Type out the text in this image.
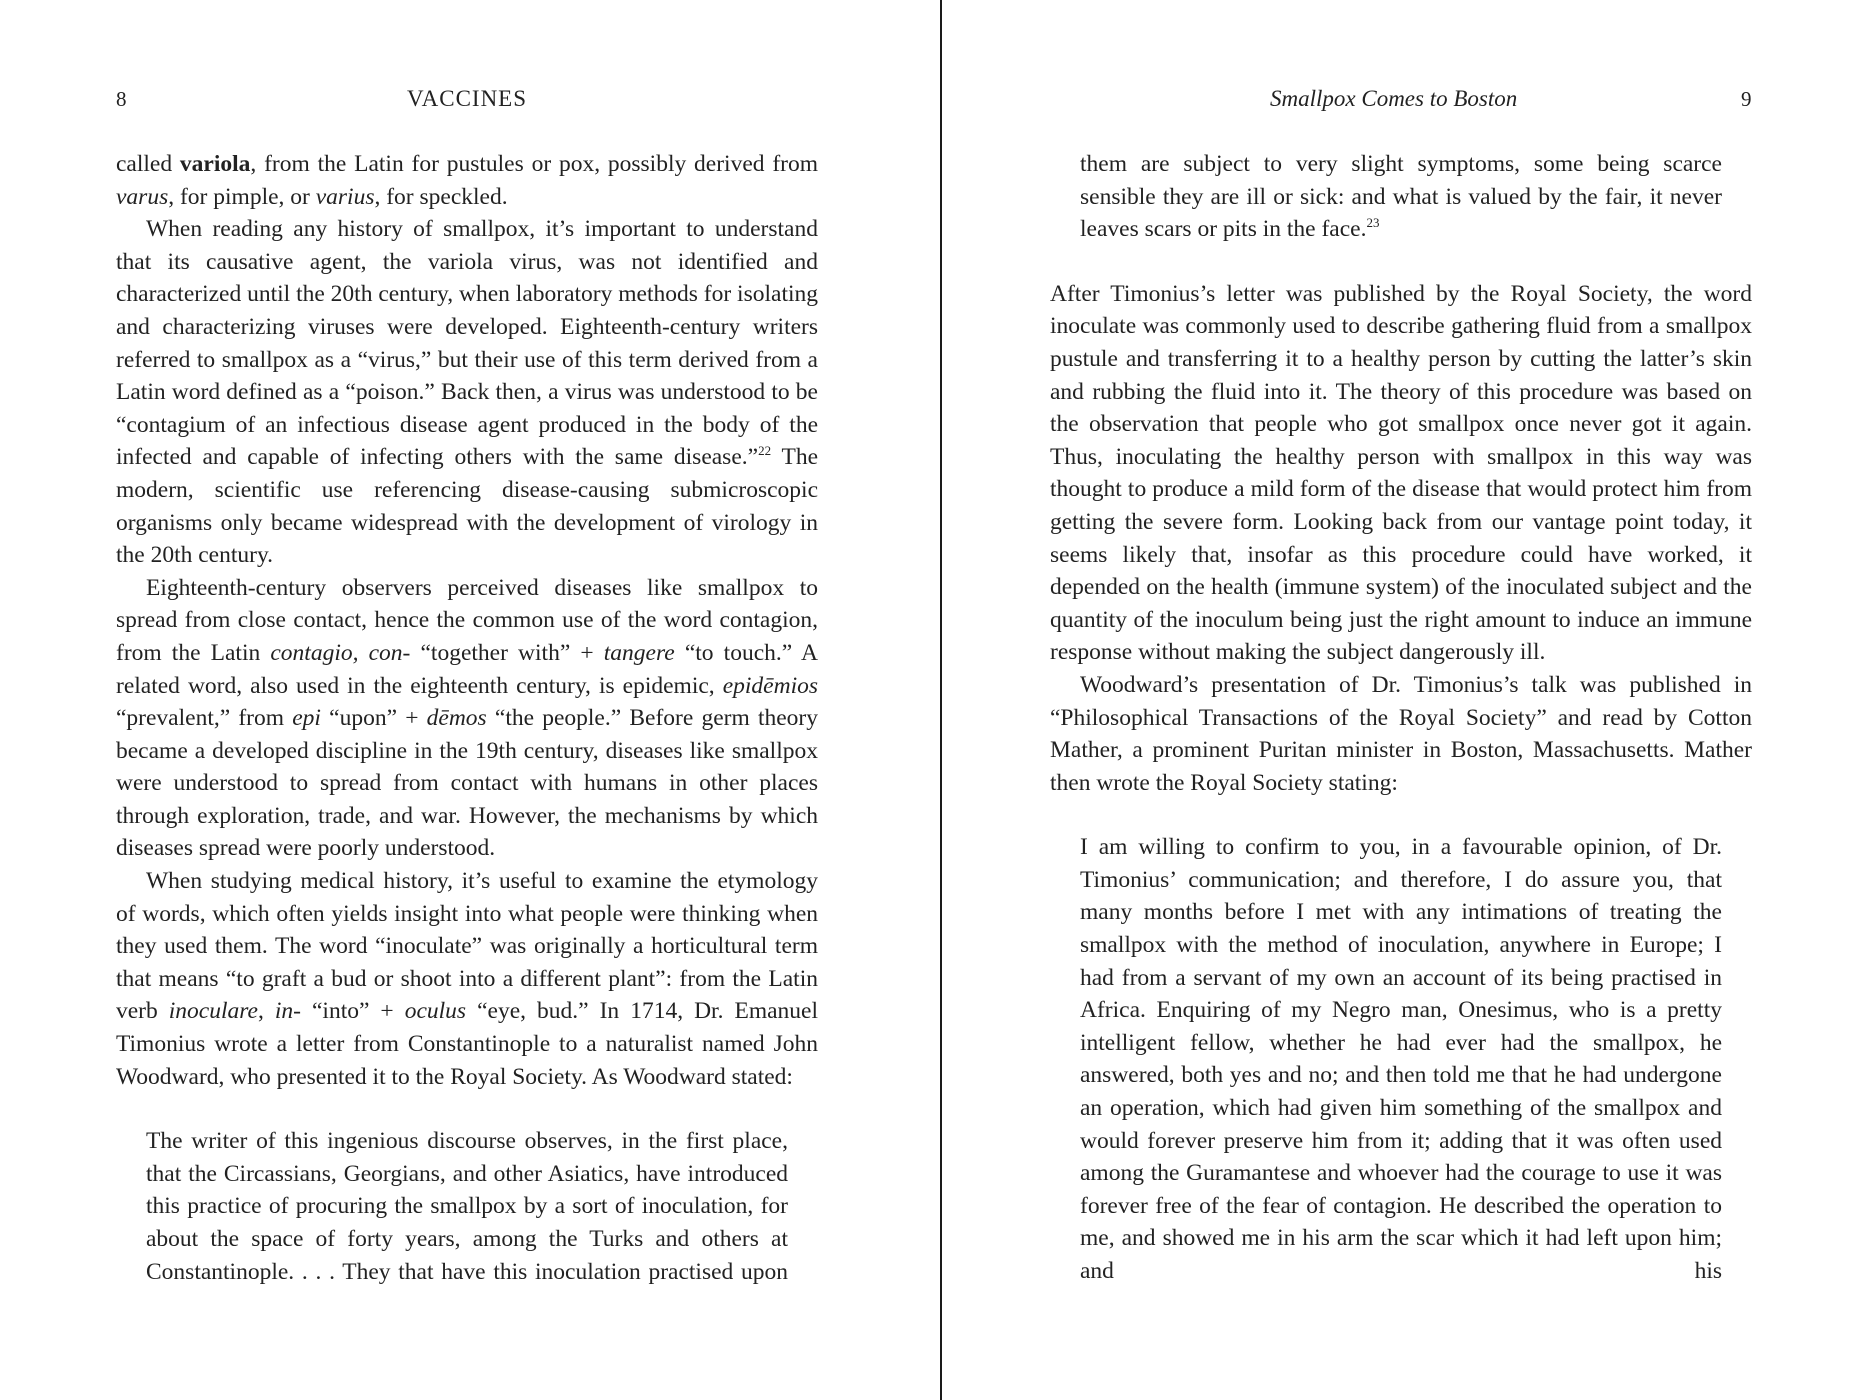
8	VACCINES

called variola, from the Latin for pustules or pox, possibly derived from varus, for pimple, or varius, for speckled.

When reading any history of smallpox, it’s important to understand that its causative agent, the variola virus, was not identified and characterized until the 20th century, when laboratory methods for isolating and characterizing viruses were developed. Eighteenth-century writers referred to smallpox as a “virus,” but their use of this term derived from a Latin word defined as a “poison.” Back then, a virus was understood to be “contagium of an infectious disease agent produced in the body of the infected and capable of infecting others with the same disease.”$^{22}$ The modern, scientific use referencing disease-causing submicroscopic organisms only became widespread with the development of virology in the 20th century.

Eighteenth-century observers perceived diseases like smallpox to spread from close contact, hence the common use of the word contagion, from the Latin contagio, con- “together with” + tangere “to touch.” A related word, also used in the eighteenth century, is epidemic, epidēmios “prevalent,” from epi “upon” + dēmos “the people.” Before germ theory became a developed discipline in the 19th century, diseases like smallpox were understood to spread from contact with humans in other places through exploration, trade, and war. However, the mechanisms by which diseases spread were poorly understood.

When studying medical history, it’s useful to examine the etymology of words, which often yields insight into what people were thinking when they used them. The word “inoculate” was originally a horticultural term that means “to graft a bud or shoot into a different plant”: from the Latin verb inoculare, in- “into” + oculus “eye, bud.” In 1714, Dr. Emanuel Timonius wrote a letter from Constantinople to a naturalist named John Woodward, who presented it to the Royal Society. As Woodward stated:

The writer of this ingenious discourse observes, in the first place, that the Circassians, Georgians, and other Asiatics, have introduced this practice of procuring the smallpox by a sort of inoculation, for about the space of forty years, among the Turks and others at Constantinople. . . . They that have this inoculation practised upon

Smallpox Comes to Boston	9

them are subject to very slight symptoms, some being scarce sensible they are ill or sick: and what is valued by the fair, it never leaves scars or pits in the face.$^{23}$

After Timonius’s letter was published by the Royal Society, the word inoculate was commonly used to describe gathering fluid from a smallpox pustule and transferring it to a healthy person by cutting the latter’s skin and rubbing the fluid into it. The theory of this procedure was based on the observation that people who got smallpox once never got it again. Thus, inoculating the healthy person with smallpox in this way was thought to produce a mild form of the disease that would protect him from getting the severe form. Looking back from our vantage point today, it seems likely that, insofar as this procedure could have worked, it depended on the health (immune system) of the inoculated subject and the quantity of the inoculum being just the right amount to induce an immune response without making the subject dangerously ill.

Woodward’s presentation of Dr. Timonius’s talk was published in “Philosophical Transactions of the Royal Society” and read by Cotton Mather, a prominent Puritan minister in Boston, Massachusetts. Mather then wrote the Royal Society stating:

I am willing to confirm to you, in a favourable opinion, of Dr. Timonius’ communication; and therefore, I do assure you, that many months before I met with any intimations of treating the smallpox with the method of inoculation, anywhere in Europe; I had from a servant of my own an account of its being practised in Africa. Enquiring of my Negro man, Onesimus, who is a pretty intelligent fellow, whether he had ever had the smallpox, he answered, both yes and no; and then told me that he had undergone an operation, which had given him something of the smallpox and would forever preserve him from it; adding that it was often used among the Guramantese and whoever had the courage to use it was forever free of the fear of contagion. He described the operation to me, and showed me in his arm the scar which it had left upon him; and his
